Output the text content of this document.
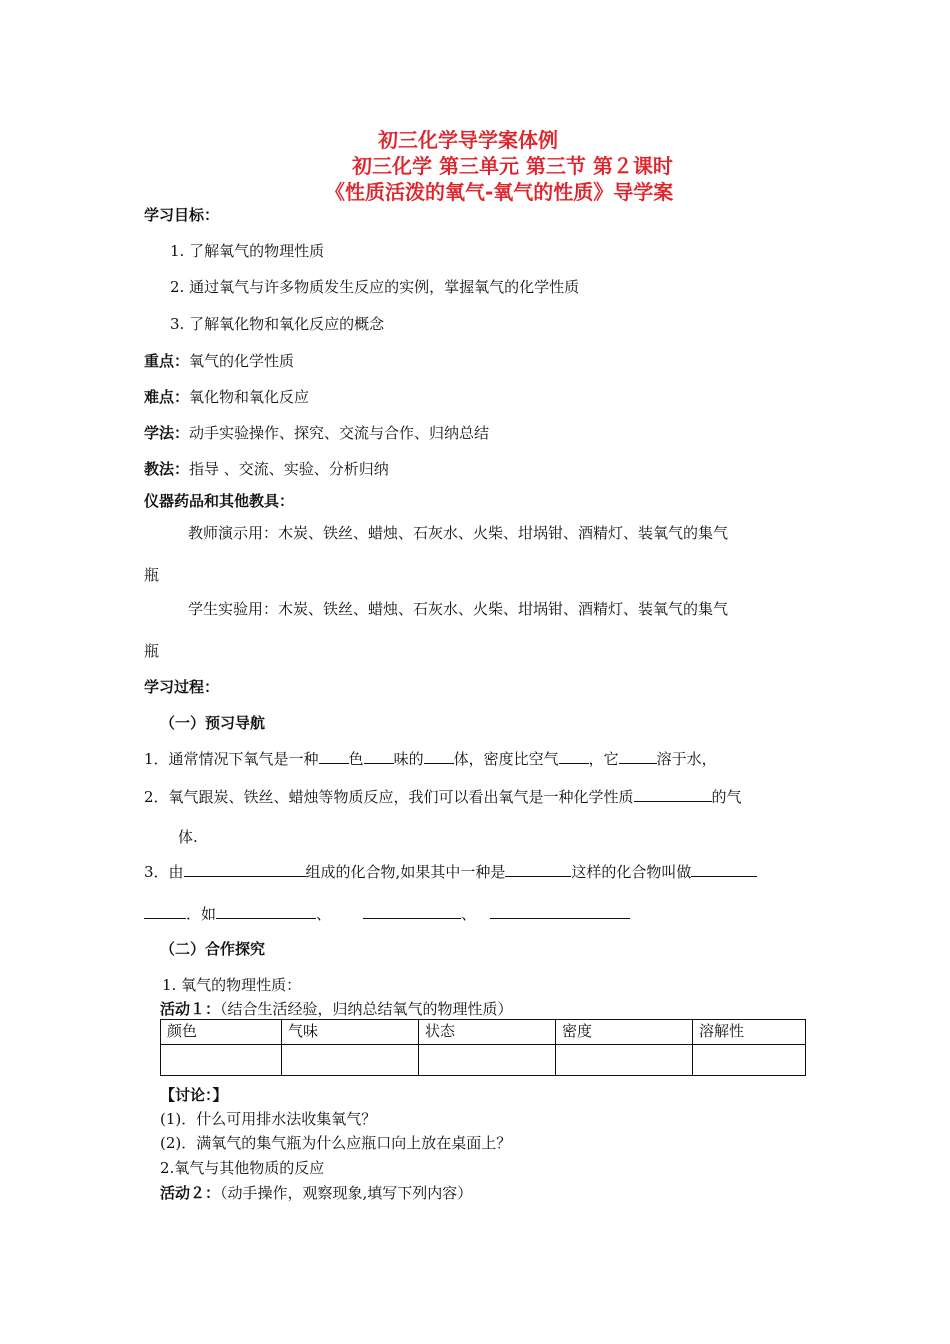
初三化学导学案体例
初三化学 第三单元 第三节 第２课时
《性质活泼的氧气-氧气的性质》导学案
学习目标：
1. 了解氧气的物理性质
2. 通过氧气与许多物质发生反应的实例，掌握氧气的化学性质
3. 了解氧化物和氧化反应的概念
重点：氧气的化学性质
难点：氧化物和氧化反应
学法：动手实验操作、探究、交流与合作、归纳总结
教法：指导 、交流、实验、分析归纳
仪器药品和其他教具：
教师演示用：木炭、铁丝、蜡烛、石灰水、火柴、坩埚钳、酒精灯、装氧气的集气
瓶
学生实验用：木炭、铁丝、蜡烛、石灰水、火柴、坩埚钳、酒精灯、装氧气的集气
瓶
学习过程：
（一）预习导航
1．通常情况下氧气是一种 色 味的 体，密度比空气 ，它	溶于水，
2．氧气跟炭、铁丝、蜡烛等物质反应，我们可以看出氧气是一种化学性质	的气
体.
3．由	组成的化合物,如果其中一种是	这样的化合物叫做
．如	、	、
（二）合作探究
1. 氧气的物理性质：
活动１：（结合生活经验，归纳总结氧气的物理性质）
颜色	气味	状态	密度	溶解性

【讨论：】
(1)．什么可用排水法收集氧气？
(2)．满氧气的集气瓶为什么应瓶口向上放在桌面上？
2.氧气与其他物质的反应
活动２：（动手操作，观察现象,填写下列内容）
